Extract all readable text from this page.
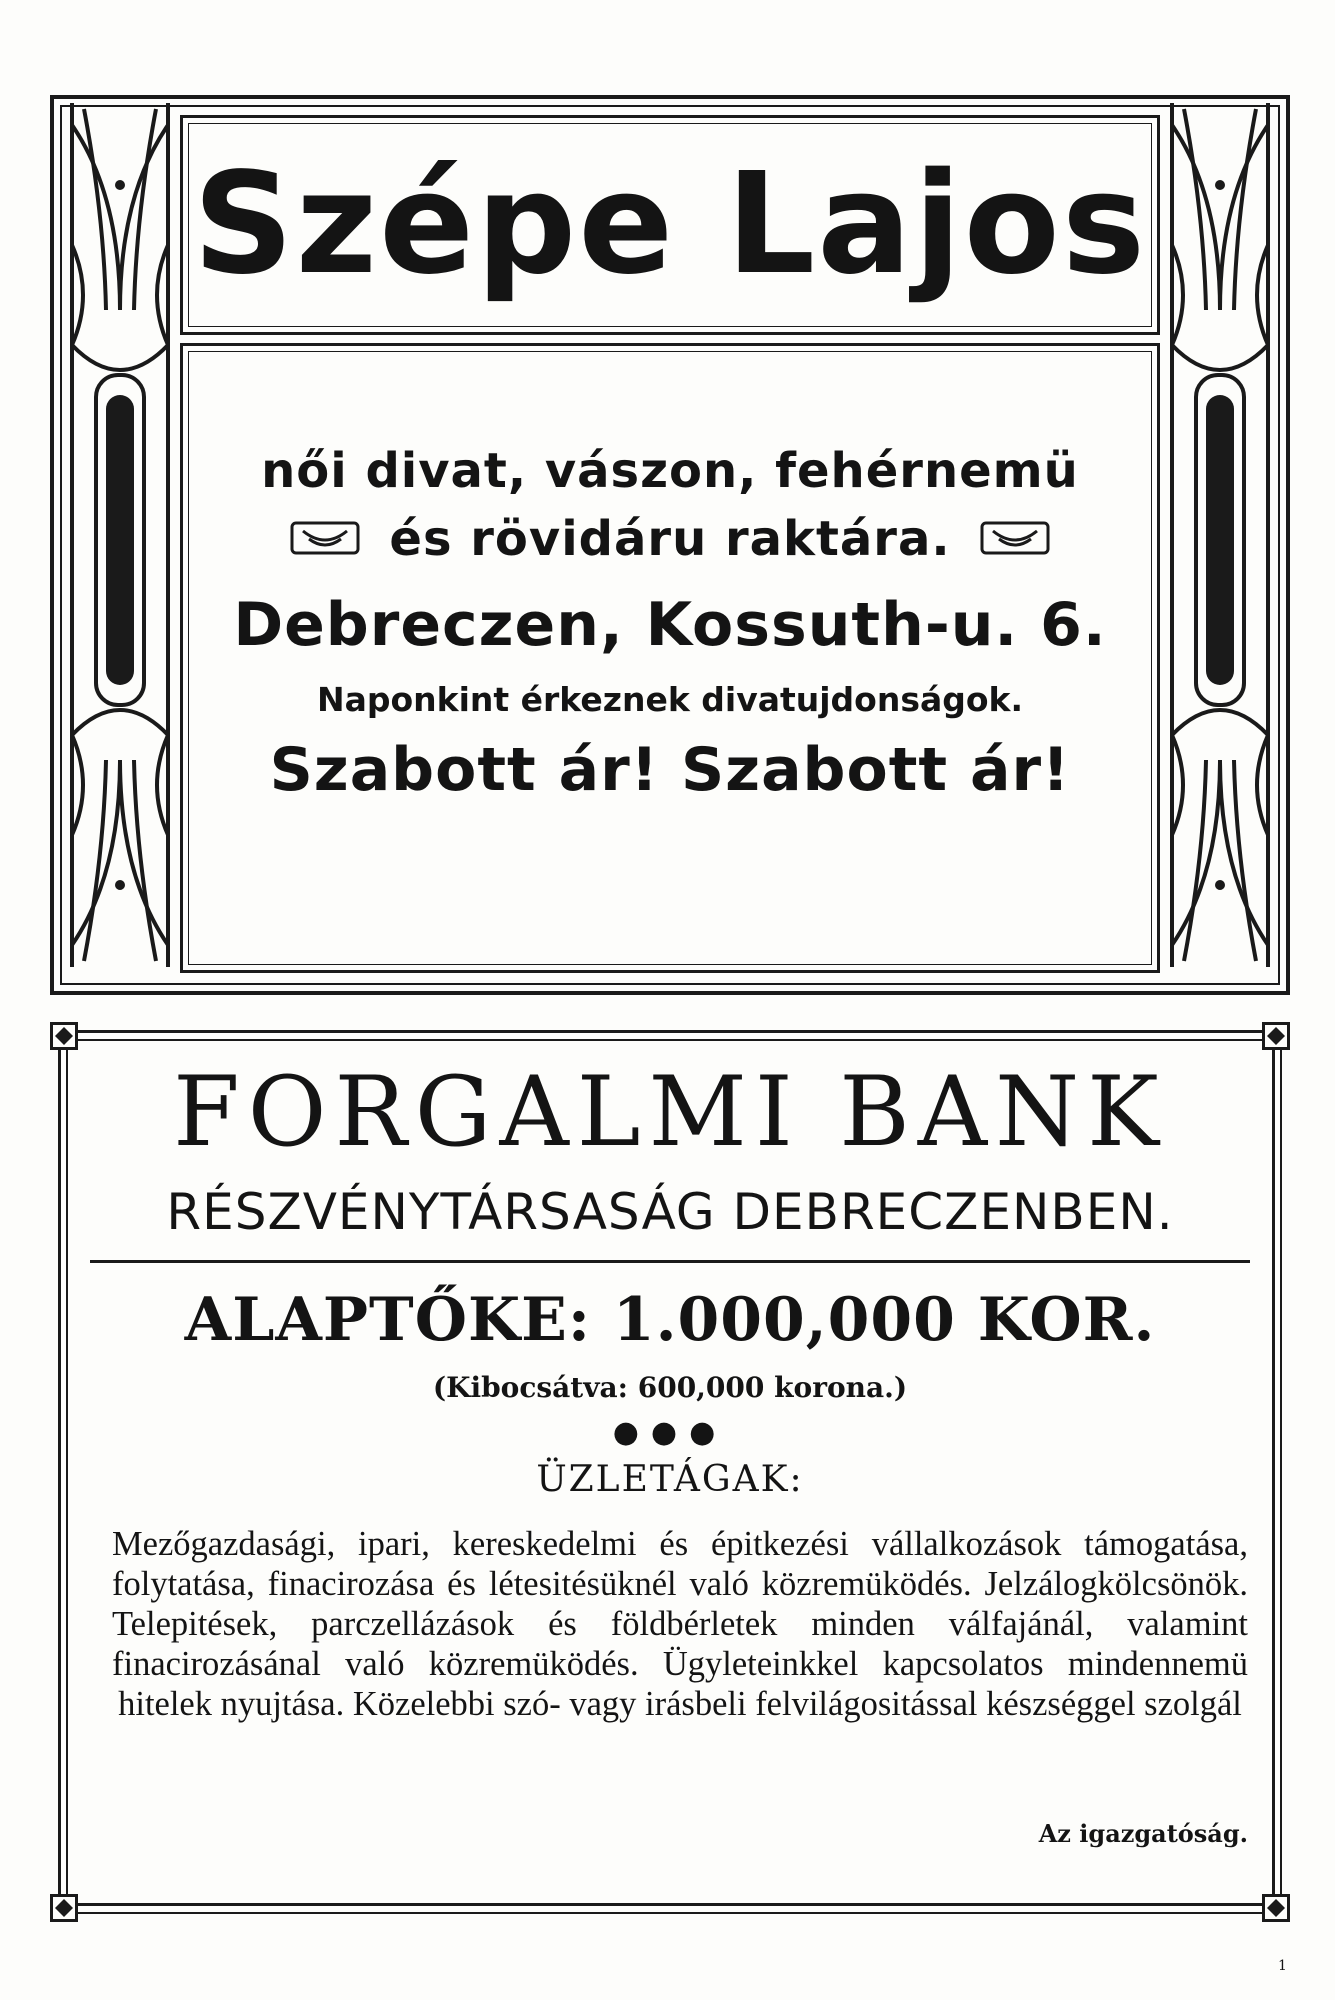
Szépe Lajos
női divat, vászon, fehérnemü
és rövidáru raktára.
Debreczen, Kossuth-u. 6.
Naponkint érkeznek divatujdonságok.
Szabott ár! Szabott ár!
FORGALMI BANK
RÉSZVÉNYTÁRSASÁG DEBRECZENBEN.
ALAPTŐKE: 1.000,000 KOR.
(Kibocsátva: 600,000 korona.)
●●●
ÜZLETÁGAK:
Mezőgazdasági, ipari, kereskedelmi és épitkezési vállalkozások támogatása, folytatása, finacirozása és létesitésüknél való közremüködés. Jelzálogkölcsönök. Telepitések, parczellázások és földbérletek minden válfajánál, valamint finacirozásánal való közremüködés. Ügyleteinkkel kapcsolatos mindennemü hitelek nyujtása. Közelebbi szó- vagy irásbeli felvilágositással készséggel szolgál
Az igazgatóság.
1
